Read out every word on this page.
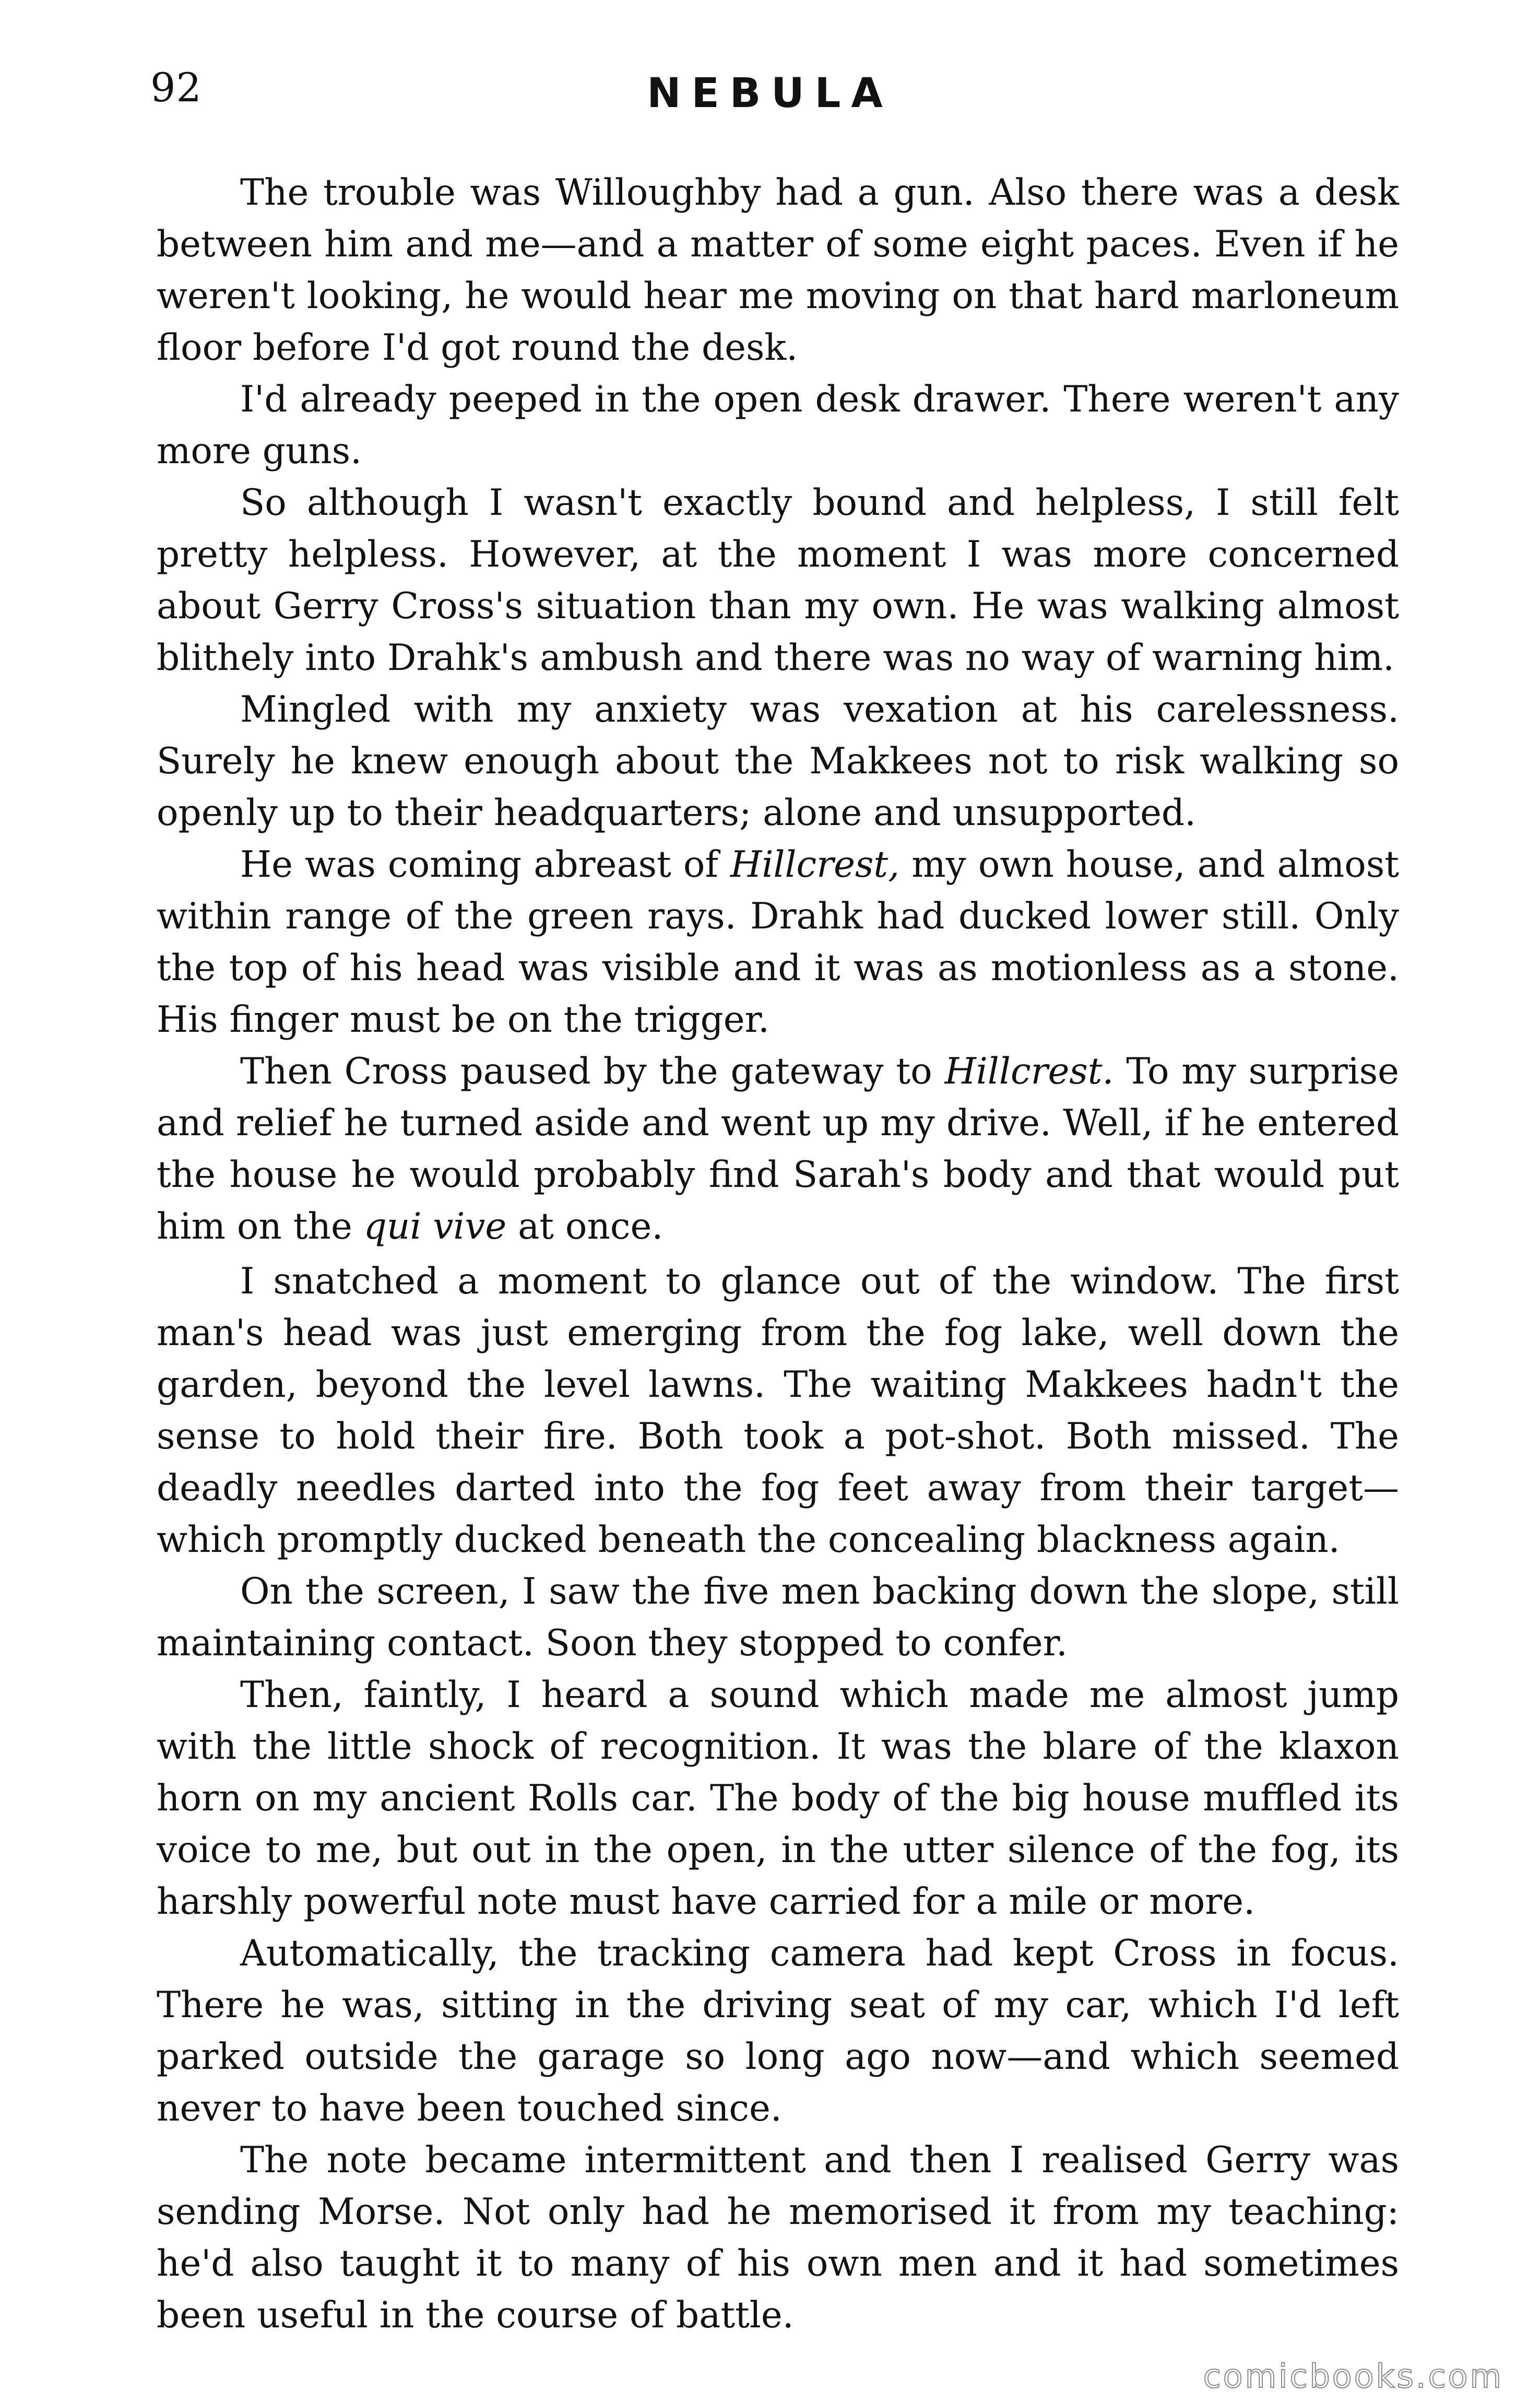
92	NEBULA

The trouble was Willoughby had a gun. Also there was a desk between him and me—and a matter of some eight paces. Even if he weren't looking, he would hear me moving on that hard marloneum floor before I'd got round the desk.

I'd already peeped in the open desk drawer. There weren't any more guns.

So although I wasn't exactly bound and helpless, I still felt pretty helpless. However, at the moment I was more concerned about Gerry Cross's situation than my own. He was walking almost blithely into Drahk's ambush and there was no way of warning him.

Mingled with my anxiety was vexation at his carelessness. Surely he knew enough about the Makkees not to risk walking so openly up to their headquarters; alone and unsupported.

He was coming abreast of Hillcrest, my own house, and almost within range of the green rays. Drahk had ducked lower still. Only the top of his head was visible and it was as motionless as a stone. His finger must be on the trigger.

Then Cross paused by the gateway to Hillcrest. To my surprise and relief he turned aside and went up my drive. Well, if he entered the house he would probably find Sarah's body and that would put him on the qui vive at once.

I snatched a moment to glance out of the window. The first man's head was just emerging from the fog lake, well down the garden, beyond the level lawns. The waiting Makkees hadn't the sense to hold their fire. Both took a pot-shot. Both missed. The deadly needles darted into the fog feet away from their target—which promptly ducked beneath the concealing blackness again.

On the screen, I saw the five men backing down the slope, still maintaining contact. Soon they stopped to confer.

Then, faintly, I heard a sound which made me almost jump with the little shock of recognition. It was the blare of the klaxon horn on my ancient Rolls car. The body of the big house muffled its voice to me, but out in the open, in the utter silence of the fog, its harshly powerful note must have carried for a mile or more.

Automatically, the tracking camera had kept Cross in focus. There he was, sitting in the driving seat of my car, which I'd left parked outside the garage so long ago now—and which seemed never to have been touched since.

The note became intermittent and then I realised Gerry was sending Morse. Not only had he memorised it from my teaching: he'd also taught it to many of his own men and it had sometimes been useful in the course of battle.

comicbooks.com
